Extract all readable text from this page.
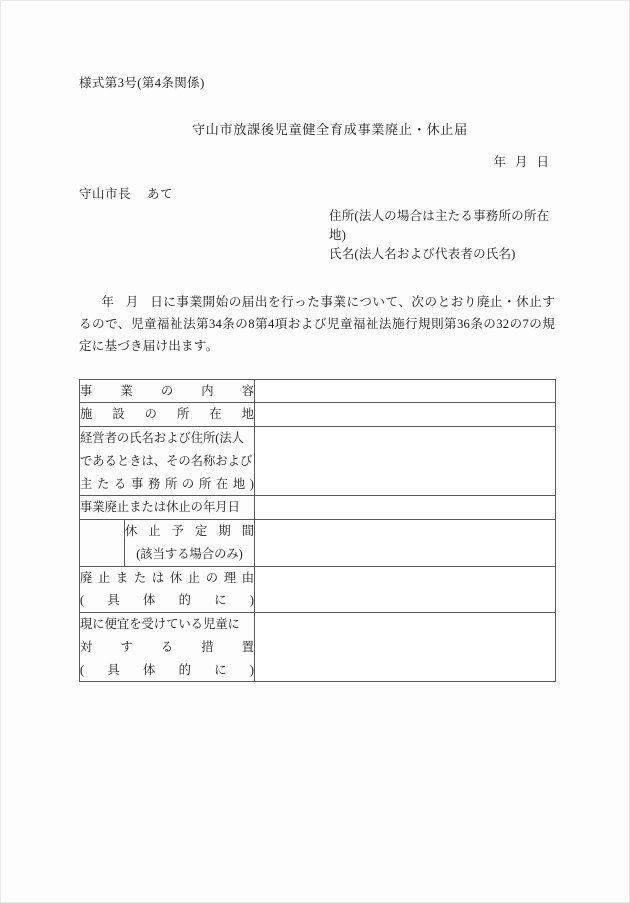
様式第3号(第4条関係)
守山市放課後児童健全育成事業廃止・休止届
年 月 日
守山市長 あて
住所(法人の場合は主たる事務所の所在地)
氏名(法人名および代表者の氏名)
年 月 日に事業開始の届出を行った事業について、次のとおり廃止・休止するので、児童福祉法第34条の8第4項および児童福祉法施行規則第36条の32の7の規定に基づき届け出ます。
事業の内容		

施設の所在地		

経営者の氏名および住所(法人
であるときは、その名称および
主たる事務所の所在地)		

事業廃止または休止の年月日		

	休止予定期間
(該当する場合のみ)	

廃止または休止の理由
(具体的に)		

現に便宜を受けている児童に
対する措置
(具体的に)		
